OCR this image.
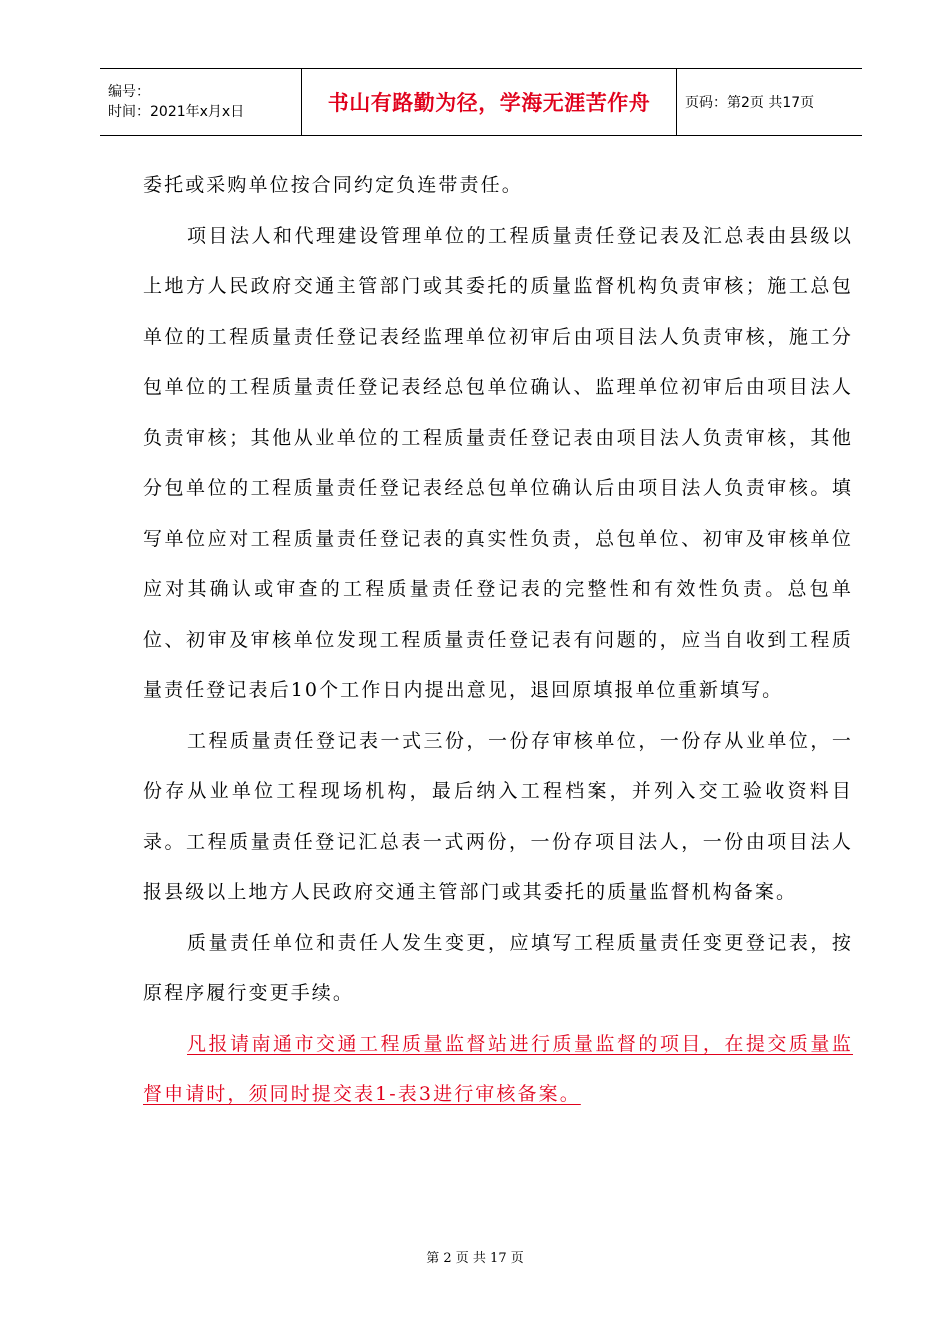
编号：
时间：2021年x月x日	书山有路勤为径，学海无涯苦作舟 页码：第2页 共17页

委托或采购单位按合同约定负连带责任。

项目法人和代理建设管理单位的工程质量责任登记表及汇总表由县级以上地方人民政府交通主管部门或其委托的质量监督机构负责审核；施工总包单位的工程质量责任登记表经监理单位初审后由项目法人负责审核，施工分包单位的工程质量责任登记表经总包单位确认、监理单位初审后由项目法人负责审核；其他从业单位的工程质量责任登记表由项目法人负责审核，其他分包单位的工程质量责任登记表经总包单位确认后由项目法人负责审核。填写单位应对工程质量责任登记表的真实性负责，总包单位、初审及审核单位应对其确认或审查的工程质量责任登记表的完整性和有效性负责。总包单位、初审及审核单位发现工程质量责任登记表有问题的，应当自收到工程质量责任登记表后10个工作日内提出意见，退回原填报单位重新填写。

工程质量责任登记表一式三份，一份存审核单位，一份存从业单位，一份存从业单位工程现场机构，最后纳入工程档案，并列入交工验收资料目录。工程质量责任登记汇总表一式两份，一份存项目法人，一份由项目法人报县级以上地方人民政府交通主管部门或其委托的质量监督机构备案。

质量责任单位和责任人发生变更，应填写工程质量责任变更登记表，按原程序履行变更手续。

凡报请南通市交通工程质量监督站进行质量监督的项目，在提交质量监督申请时，须同时提交表1-表3进行审核备案。

第 2 页 共 17 页
